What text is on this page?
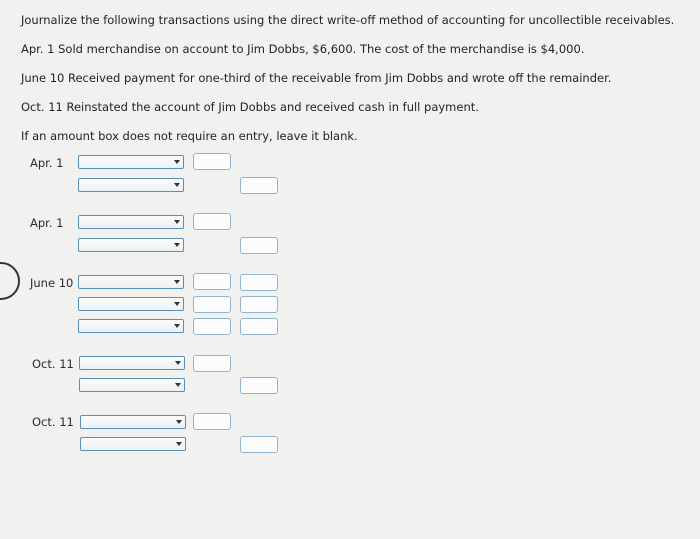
Journalize the following transactions using the direct write-off method of accounting for uncollectible receivables.
Apr. 1 Sold merchandise on account to Jim Dobbs, $6,600. The cost of the merchandise is $4,000.
June 10 Received payment for one-third of the receivable from Jim Dobbs and wrote off the remainder.
Oct. 11 Reinstated the account of Jim Dobbs and received cash in full payment.
If an amount box does not require an entry, leave it blank.
Apr. 1
Apr. 1
June 10
Oct. 11
Oct. 11
